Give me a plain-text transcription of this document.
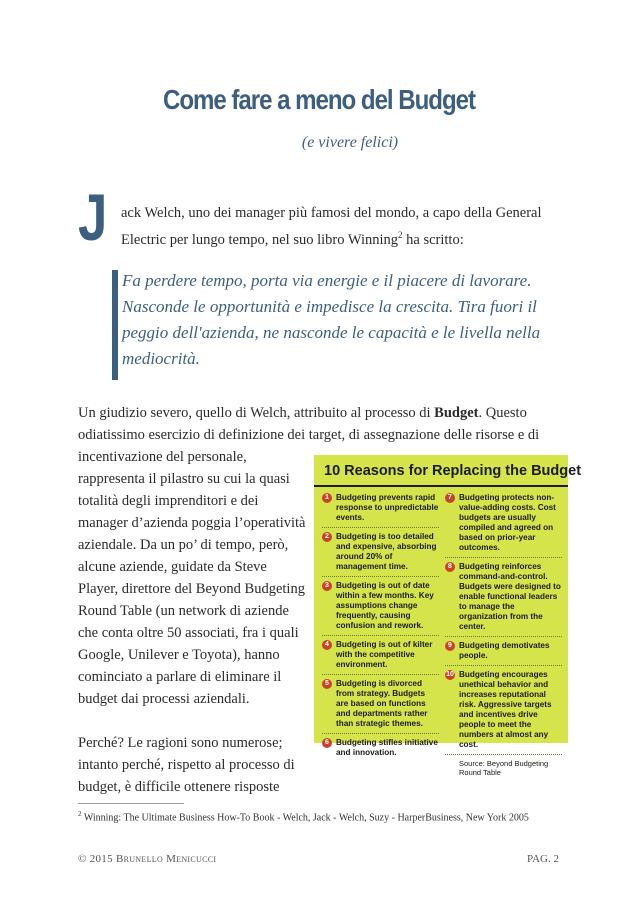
Come fare a meno del Budget
(e vivere felici)
J ack Welch, uno dei manager più famosi del mondo, a capo della General Electric per lungo tempo, nel suo libro Winning$^2$ ha scritto:
Fa perdere tempo, porta via energie e il piacere di lavorare. Nasconde le opportunità e impedisce la crescita. Tira fuori il peggio dell'azienda, ne nasconde le capacità e le livella nella mediocrità.
Un giudizio severo, quello di Welch, attribuito al processo di Budget. Questo odiatissimo esercizio di definizione dei target, di assegnazione delle risorse e di

incentivazione del personale, rappresenta il pilastro su cui la quasi totalità degli imprenditori e dei manager d’azienda poggia l’operatività aziendale. Da un po’ di tempo, però, alcune aziende, guidate da Steve Player, direttore del Beyond Budgeting Round Table (un network di aziende che conta oltre 50 associati, fra i quali Google, Unilever e Toyota), hanno cominciato a parlare di eliminare il budget dai processi aziendali.

Perché? Le ragioni sono numerose; intanto perché, rispetto al processo di budget, è difficile ottenere risposte

10 Reasons for Replacing the Budget
1 Budgeting prevents rapid response to unpredictable events.
2 Budgeting is too detailed and expensive, absorbing around 20% of management time.
3 Budgeting is out of date within a few months. Key assumptions change frequently, causing confusion and rework.
4 Budgeting is out of kilter with the competitive environment.
5 Budgeting is divorced from strategy. Budgets are based on functions and departments rather than strategic themes.
6 Budgeting stifles initiative and innovation.
7 Budgeting protects non-value-adding costs. Cost budgets are usually compiled and agreed on based on prior-year outcomes.
8 Budgeting reinforces command-and-control. Budgets were designed to enable functional leaders to manage the organization from the center.
9 Budgeting demotivates people.
10 Budgeting encourages unethical behavior and increases reputational risk. Aggressive targets and incentives drive people to meet the numbers at almost any cost.
Source: Beyond Budgeting Round Table
$^2$ Winning: The Ultimate Business How-To Book - Welch, Jack - Welch, Suzy - HarperBusiness, New York 2005
© 2015 Brunello Menicucci	PAG. 2
